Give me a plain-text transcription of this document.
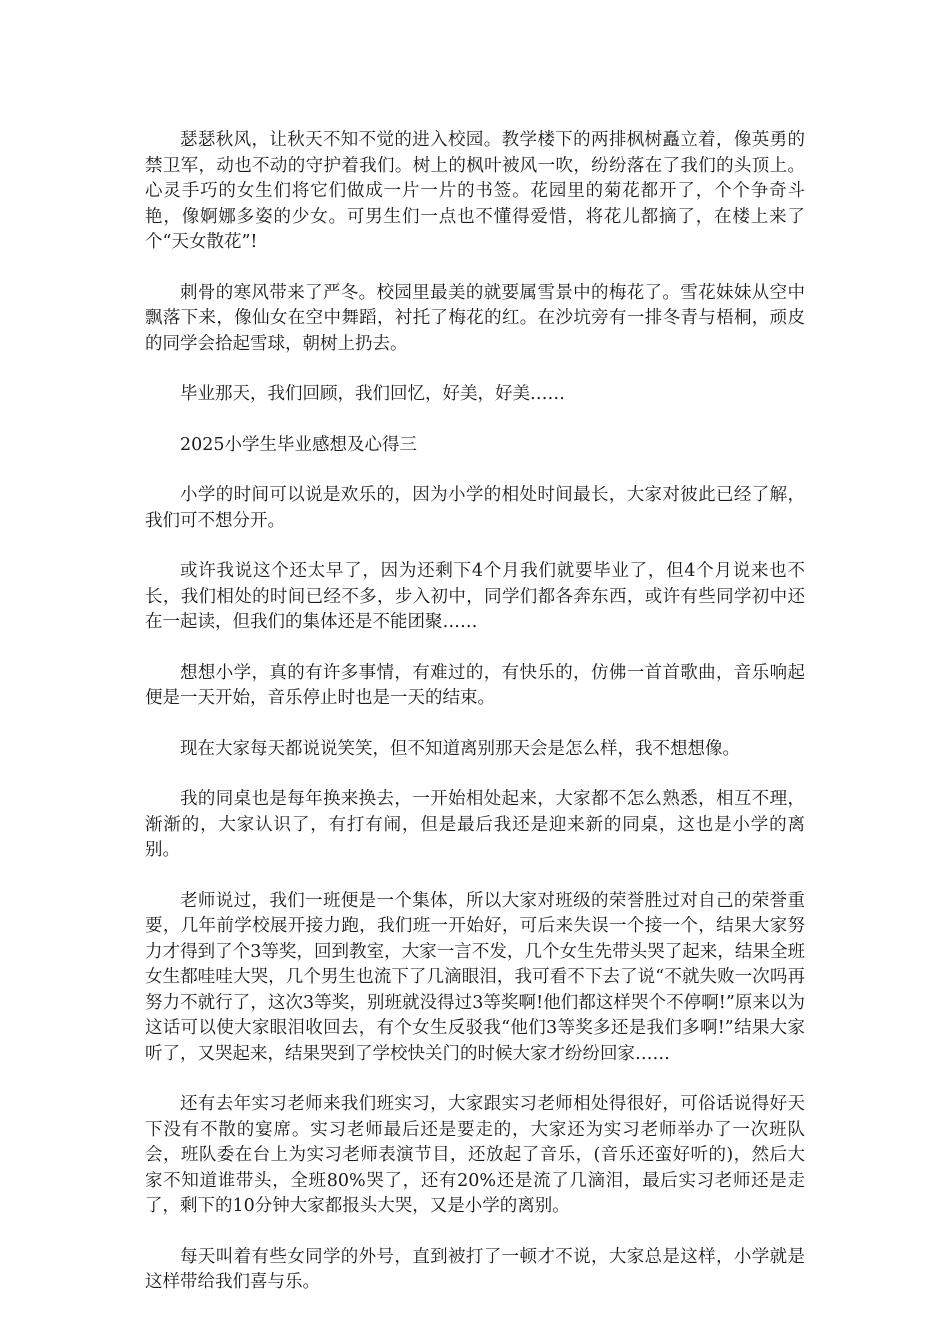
瑟瑟秋风，让秋天不知不觉的进入校园。教学楼下的两排枫树矗立着，像英勇的禁卫军，动也不动的守护着我们。树上的枫叶被风一吹，纷纷落在了我们的头顶上。心灵手巧的女生们将它们做成一片一片的书签。花园里的菊花都开了，个个争奇斗艳，像婀娜多姿的少女。可男生们一点也不懂得爱惜，将花儿都摘了，在楼上来了个“天女散花”!

刺骨的寒风带来了严冬。校园里最美的就要属雪景中的梅花了。雪花妹妹从空中飘落下来，像仙女在空中舞蹈，衬托了梅花的红。在沙坑旁有一排冬青与梧桐，顽皮的同学会拾起雪球，朝树上扔去。

毕业那天，我们回顾，我们回忆，好美，好美……

2025小学生毕业感想及心得三

小学的时间可以说是欢乐的，因为小学的相处时间最长，大家对彼此已经了解，我们可不想分开。

或许我说这个还太早了，因为还剩下4个月我们就要毕业了，但4个月说来也不长，我们相处的时间已经不多，步入初中，同学们都各奔东西，或许有些同学初中还在一起读，但我们的集体还是不能团聚……

想想小学，真的有许多事情，有难过的，有快乐的，仿佛一首首歌曲，音乐响起便是一天开始，音乐停止时也是一天的结束。

现在大家每天都说说笑笑，但不知道离别那天会是怎么样，我不想想像。

我的同桌也是每年换来换去，一开始相处起来，大家都不怎么熟悉，相互不理，渐渐的，大家认识了，有打有闹，但是最后我还是迎来新的同桌，这也是小学的离别。

老师说过，我们一班便是一个集体，所以大家对班级的荣誉胜过对自己的荣誉重要，几年前学校展开接力跑，我们班一开始好，可后来失误一个接一个，结果大家努力才得到了个3等奖，回到教室，大家一言不发，几个女生先带头哭了起来，结果全班女生都哇哇大哭，几个男生也流下了几滴眼泪，我可看不下去了说“不就失败一次吗再努力不就行了，这次3等奖，别班就没得过3等奖啊!他们都这样哭个不停啊!”原来以为这话可以使大家眼泪收回去，有个女生反驳我“他们3等奖多还是我们多啊!”结果大家听了，又哭起来，结果哭到了学校快关门的时候大家才纷纷回家……

还有去年实习老师来我们班实习，大家跟实习老师相处得很好，可俗话说得好天下没有不散的宴席。实习老师最后还是要走的，大家还为实习老师举办了一次班队会，班队委在台上为实习老师表演节目，还放起了音乐，(音乐还蛮好听的)，然后大家不知道谁带头，全班80%哭了，还有20%还是流了几滴泪，最后实习老师还是走了，剩下的10分钟大家都报头大哭，又是小学的离别。

每天叫着有些女同学的外号，直到被打了一顿才不说，大家总是这样，小学就是这样带给我们喜与乐。
